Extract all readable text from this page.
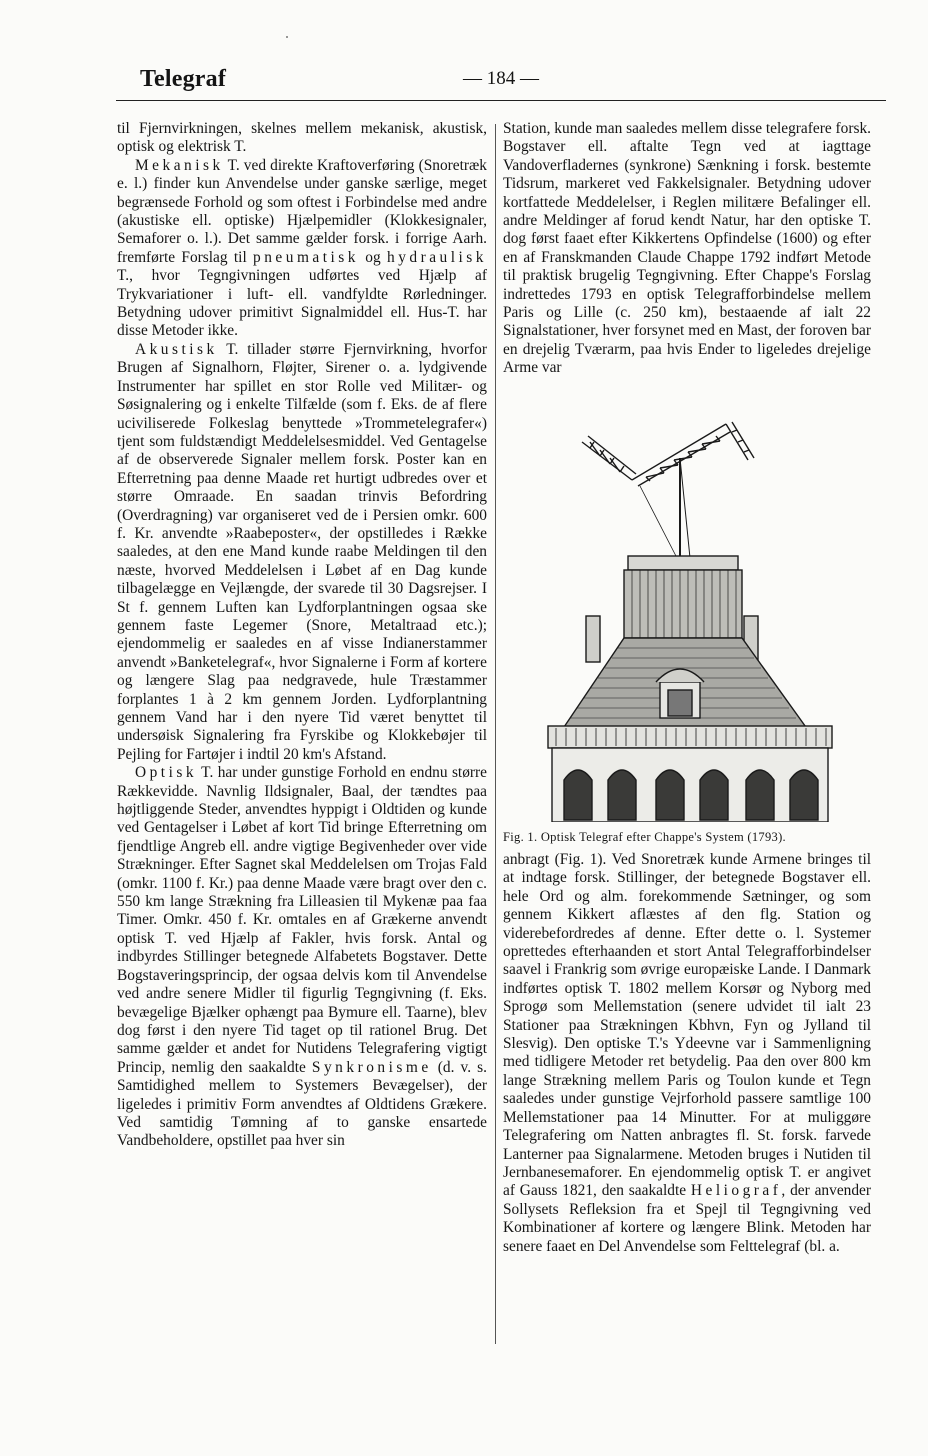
Telegraf	— 184 —

til Fjernvirkningen, skelnes mellem mekanisk, akustisk, optisk og elektrisk T.

Mekanisk T. ved direkte Kraftoverføring (Snoretræk e. l.) finder kun Anvendelse under ganske særlige, meget begrænsede Forhold og som oftest i Forbindelse med andre (akustiske ell. optiske) Hjælpemidler (Klokkesignaler, Semaforer o. l.). Det samme gælder forsk. i forrige Aarh. fremførte Forslag til pneumatisk og hydraulisk T., hvor Tegngivningen udførtes ved Hjælp af Trykvariationer i luft- ell. vandfyldte Rørledninger. Betydning udover primitivt Signalmiddel ell. Hus-T. har disse Metoder ikke.

Akustisk T. tillader større Fjernvirkning, hvorfor Brugen af Signalhorn, Fløjter, Sirener o. a. lydgivende Instrumenter har spillet en stor Rolle ved Militær- og Søsignalering og i enkelte Tilfælde (som f. Eks. de af flere uciviliserede Folkeslag benyttede »Trommetelegrafer«) tjent som fuldstændigt Meddelelsesmiddel. Ved Gentagelse af de observerede Signaler mellem forsk. Poster kan en Efterretning paa denne Maade ret hurtigt udbredes over et større Omraade. En saadan trinvis Befordring (Overdragning) var organiseret ved de i Persien omkr. 600 f. Kr. anvendte »Raabeposter«, der opstilledes i Række saaledes, at den ene Mand kunde raabe Meldingen til den næste, hvorved Meddelelsen i Løbet af en Dag kunde tilbagelægge en Vejlængde, der svarede til 30 Dagsrejser. I St f. gennem Luften kan Lydforplantningen ogsaa ske gennem faste Legemer (Snore, Metaltraad etc.); ejendommelig er saaledes en af visse Indianerstammer anvendt »Banketelegraf«, hvor Signalerne i Form af kortere og længere Slag paa nedgravede, hule Træstammer forplantes 1 à 2 km gennem Jorden. Lydforplantning gennem Vand har i den nyere Tid været benyttet til undersøisk Signalering fra Fyrskibe og Klokkebøjer til Pejling for Fartøjer i indtil 20 km's Afstand.

Optisk T. har under gunstige Forhold en endnu større Rækkevidde. Navnlig Ildsignaler, Baal, der tændtes paa højtliggende Steder, anvendtes hyppigt i Oldtiden og kunde ved Gentagelser i Løbet af kort Tid bringe Efterretning om fjendtlige Angreb ell. andre vigtige Begivenheder over vide Strækninger. Efter Sagnet skal Meddelelsen om Trojas Fald (omkr. 1100 f. Kr.) paa denne Maade være bragt over den c. 550 km lange Strækning fra Lilleasien til Mykenæ paa faa Timer. Omkr. 450 f. Kr. omtales en af Grækerne anvendt optisk T. ved Hjælp af Fakler, hvis forsk. Antal og indbyrdes Stillinger betegnede Alfabetets Bogstaver. Dette Bogstaveringsprincip, der ogsaa delvis kom til Anvendelse ved andre senere Midler til figurlig Tegngivning (f. Eks. bevægelige Bjælker ophængt paa Bymure ell. Taarne), blev dog først i den nyere Tid taget op til rationel Brug. Det samme gælder et andet for Nutidens Telegrafering vigtigt Princip, nemlig den saakaldte Synkronisme (d. v. s. Samtidighed mellem to Systemers Bevægelser), der ligeledes i primitiv Form anvendtes af Oldtidens Grækere. Ved samtidig Tømning af to ganske ensartede Vandbeholdere, opstillet paa hver sin

Station, kunde man saaledes mellem disse telegrafere forsk. Bogstaver ell. aftalte Tegn ved at iagttage Vandoverfladernes (synkrone) Sænkning i forsk. bestemte Tidsrum, markeret ved Fakkelsignaler. Betydning udover kortfattede Meddelelser, i Reglen militære Befalinger ell. andre Meldinger af forud kendt Natur, har den optiske T. dog først faaet efter Kikkertens Opfindelse (1600) og efter en af Franskmanden Claude Chappe 1792 indført Metode til praktisk brugelig Tegngivning. Efter Chappe's Forslag indrettedes 1793 en optisk Telegrafforbindelse mellem Paris og Lille (c. 250 km), bestaaende af ialt 22 Signalstationer, hver forsynet med en Mast, der foroven bar en drejelig Tværarm, paa hvis Ender to ligeledes drejelige Arme var

Fig. 1. Optisk Telegraf efter Chappe's System (1793).

anbragt (Fig. 1). Ved Snoretræk kunde Armene bringes til at indtage forsk. Stillinger, der betegnede Bogstaver ell. hele Ord og alm. forekommende Sætninger, og som gennem Kikkert aflæstes af den flg. Station og viderebefordredes af denne. Efter dette o. l. Systemer oprettedes efterhaanden et stort Antal Telegrafforbindelser saavel i Frankrig som øvrige europæiske Lande. I Danmark indførtes optisk T. 1802 mellem Korsør og Nyborg med Sprogø som Mellemstation (senere udvidet til ialt 23 Stationer paa Strækningen Kbhvn, Fyn og Jylland til Slesvig). Den optiske T.'s Ydeevne var i Sammenligning med tidligere Metoder ret betydelig. Paa den over 800 km lange Strækning mellem Paris og Toulon kunde et Tegn saaledes under gunstige Vejrforhold passere samtlige 100 Mellemstationer paa 14 Minutter. For at muliggøre Telegrafering om Natten anbragtes fl. St. forsk. farvede Lanterner paa Signalarmene. Metoden bruges i Nutiden til Jernbanesemaforer. En ejendommelig optisk T. er angivet af Gauss 1821, den saakaldte Heliograf, der anvender Sollysets Refleksion fra et Spejl til Tegngivning ved Kombinationer af kortere og længere Blink. Metoden har senere faaet en Del Anvendelse som Felttelegraf (bl. a.
